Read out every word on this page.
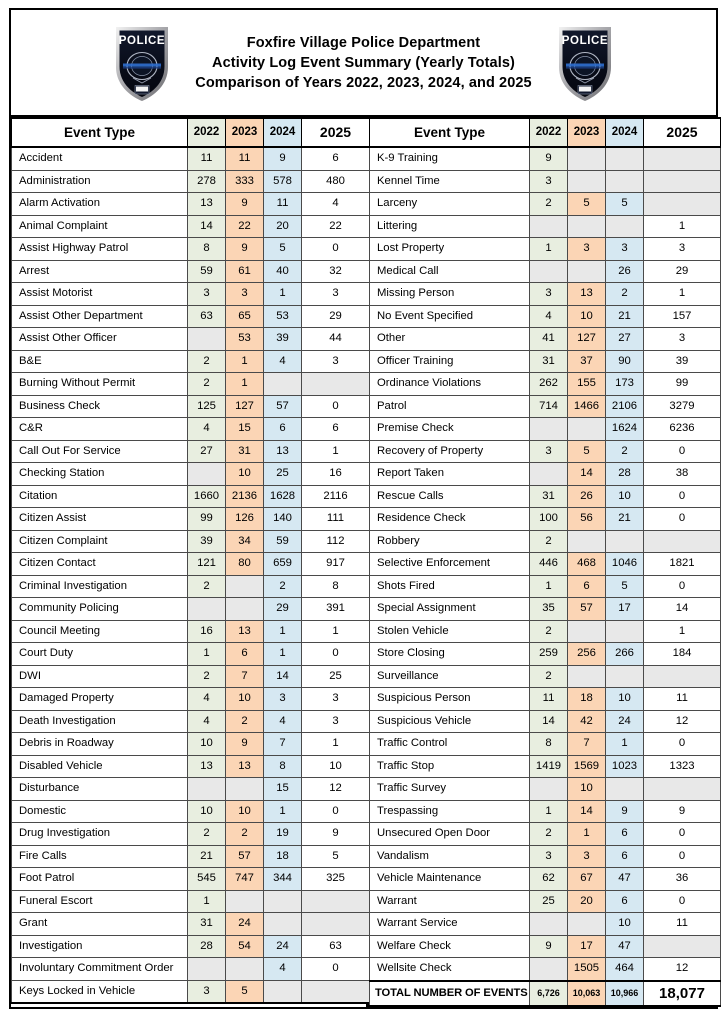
POLICE	Foxfire Village Police Department
Activity Log Event Summary (Yearly Totals)
Comparison of Years 2022, 2023, 2024, and 2025
POLICE
Event Type	2022	2023	2024	2025
Accident	11	11	9	6
Administration	278	333	578	480
Alarm Activation	13	9	11	4
Animal Complaint	14	22	20	22
Assist Highway Patrol	8	9	5	0
Arrest	59	61	40	32
Assist Motorist	3	3	1	3
Assist Other Department	63	65	53	29
Assist Other Officer		53	39	44
B&E	2	1	4	3
Burning Without Permit	2	1		
Business Check	125	127	57	0
C&R	4	15	6	6
Call Out For Service	27	31	13	1
Checking Station		10	25	16
Citation	1660	2136	1628	2116
Citizen Assist	99	126	140	111
Citizen Complaint	39	34	59	112
Citizen Contact	121	80	659	917
Criminal Investigation	2		2	8
Community Policing			29	391
Council Meeting	16	13	1	1
Court Duty	1	6	1	0
DWI	2	7	14	25
Damaged Property	4	10	3	3
Death Investigation	4	2	4	3
Debris in Roadway	10	9	7	1
Disabled Vehicle	13	13	8	10
Disturbance			15	12
Domestic	10	10	1	0
Drug Investigation	2	2	19	9
Fire Calls	21	57	18	5
Foot Patrol	545	747	344	325
Funeral Escort	1			
Grant	31	24		
Investigation	28	54	24	63
Involuntary Commitment Order			4	0
Keys Locked in Vehicle	3	5		
Event Type	2022	2023	2024	2025
K-9 Training	9			
Kennel Time	3			
Larceny	2	5	5	
Littering				1
Lost Property	1	3	3	3
Medical Call			26	29
Missing Person	3	13	2	1
No Event Specified	4	10	21	157
Other	41	127	27	3
Officer Training	31	37	90	39
Ordinance Violations	262	155	173	99
Patrol	714	1466	2106	3279
Premise Check			1624	6236
Recovery of Property	3	5	2	0
Report Taken		14	28	38
Rescue Calls	31	26	10	0
Residence Check	100	56	21	0
Robbery	2			
Selective Enforcement	446	468	1046	1821
Shots Fired	1	6	5	0
Special Assignment	35	57	17	14
Stolen Vehicle	2			1
Store Closing	259	256	266	184
Surveillance	2			
Suspicious Person	11	18	10	11
Suspicious Vehicle	14	42	24	12
Traffic Control	8	7	1	0
Traffic Stop	1419	1569	1023	1323
Traffic Survey		10		
Trespassing	1	14	9	9
Unsecured Open Door	2	1	6	0
Vandalism	3	3	6	0
Vehicle Maintenance	62	67	47	36
Warrant	25	20	6	0
Warrant Service			10	11
Welfare Check	9	17	47	
Wellsite Check		1505	464	12
TOTAL NUMBER OF EVENTS	6,726	10,063	10,966	18,077
